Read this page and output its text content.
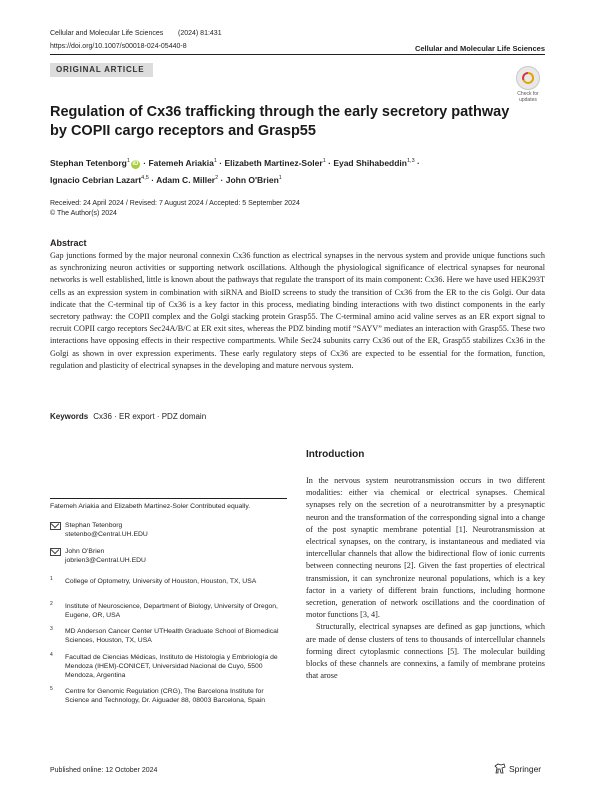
Cellular and Molecular Life Sciences (2024) 81:431
https://doi.org/10.1007/s00018-024-05440-8	Cellular and Molecular Life Sciences
ORIGINAL ARTICLE
Check for updates
Regulation of Cx36 trafficking through the early secretory pathway by COPII cargo receptors and Grasp55
Stephan Tetenborg$^1$ iD · Fatemeh Ariakia$^1$ · Elizabeth Martinez-Soler$^1$ · Eyad Shihabeddin$^{1,3}$ ·
Ignacio Cebrian Lazart$^{4,5}$ · Adam C. Miller$^2$ · John O'Brien$^1$
Received: 24 April 2024 / Revised: 7 August 2024 / Accepted: 5 September 2024
© The Author(s) 2024
Abstract
Gap junctions formed by the major neuronal connexin Cx36 function as electrical synapses in the nervous system and provide unique functions such as synchronizing neuron activities or supporting network oscillations. Although the physiological significance of electrical synapses for neuronal networks is well established, little is known about the pathways that regulate the transport of its main component: Cx36. Here we have used HEK293T cells as an expression system in combination with siRNA and BioID screens to study the transition of Cx36 from the ER to the cis Golgi. Our data indicate that the C-terminal tip of Cx36 is a key factor in this process, mediating binding interactions with two distinct components in the early secretory pathway: the COPII complex and the Golgi stacking protein Grasp55. The C-terminal amino acid valine serves as an ER export signal to recruit COPII cargo receptors Sec24A/B/C at ER exit sites, whereas the PDZ binding motif “SAYV” mediates an interaction with Grasp55. These two interactions have opposing effects in their respective compartments. While Sec24 subunits carry Cx36 out of the ER, Grasp55 stabilizes Cx36 in the Golgi as shown in over expression experiments. These early regulatory steps of Cx36 are expected to be essential for the formation, function, regulation and plasticity of electrical synapses in the developing and mature nervous system.
Keywords Cx36 · ER export · PDZ domain
Introduction

In the nervous system neurotransmission occurs in two different modalities: either via chemical or electrical synapses. Chemical synapses rely on the secretion of a neurotransmitter by a presynaptic neuron and the transformation of the corresponding signal into a change of the post synaptic membrane potential [1]. Neurotransmission at electrical synapses, on the contrary, is instantaneous and mediated via intercellular channels that allow the bidirectional flow of ionic currents between connecting neurons [2]. Given the fast properties of electrical transmission, it can synchronize neuronal populations, which is a key factor in a variety of different brain functions, including hormone secretion, generation of network oscillations and the coordination of motor functions [3, 4].

Structurally, electrical synapses are defined as gap junctions, which are made of dense clusters of tens to thousands of intercellular channels forming direct cytoplasmic connections [5]. The molecular building blocks of these channels are connexins, a family of membrane proteins that arose

Fatemeh Ariakia and Elizabeth Martinez-Soler Contributed equally.
Stephan Tetenborg
stetenbo@Central.UH.EDU
John O’Brien
jobrien3@Central.UH.EDU
1 College of Optometry, University of Houston, Houston, TX, USA
2 Institute of Neuroscience, Department of Biology, University of Oregon, Eugene, OR, USA
3 MD Anderson Cancer Center UTHealth Graduate School of Biomedical Sciences, Houston, TX, USA
4 Facultad de Ciencias Médicas, Instituto de Histología y Embriología de Mendoza (IHEM)-CONICET, Universidad Nacional de Cuyo, 5500 Mendoza, Argentina
5 Centre for Genomic Regulation (CRG), The Barcelona Institute for Science and Technology, Dr. Aiguader 88, 08003 Barcelona, Spain
Published online: 12 October 2024	Springer
